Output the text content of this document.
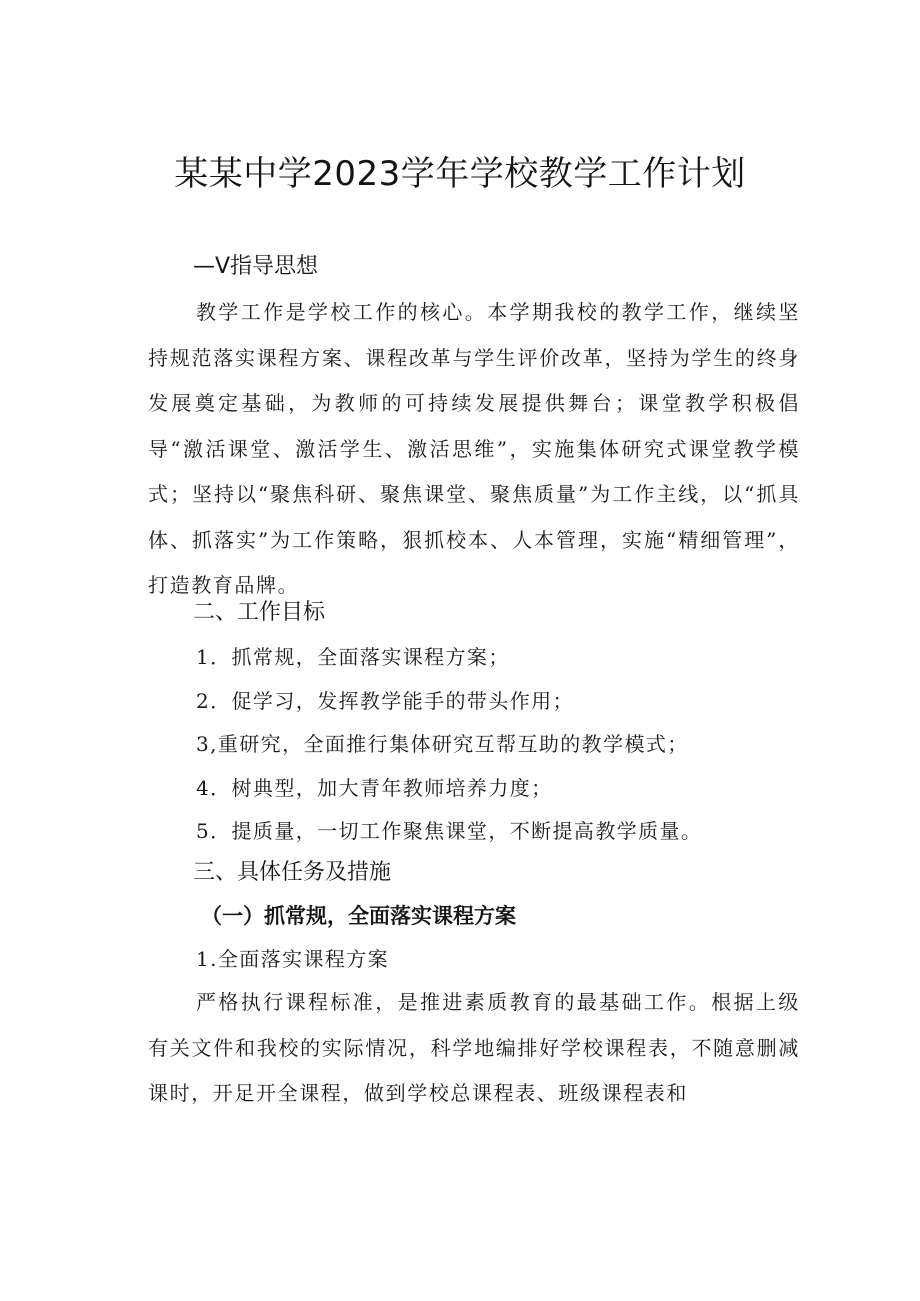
某某中学2023学年学校教学工作计划
—V指导思想

教学工作是学校工作的核心。本学期我校的教学工作，继续坚持规范落实课程方案、课程改革与学生评价改革，坚持为学生的终身发展奠定基础，为教师的可持续发展提供舞台；课堂教学积极倡导“激活课堂、激活学生、激活思维”，实施集体研究式课堂教学模式；坚持以“聚焦科研、聚焦课堂、聚焦质量”为工作主线，以“抓具体、抓落实”为工作策略，狠抓校本、人本管理，实施“精细管理”，打造教育品牌。

二、工作目标

1．抓常规，全面落实课程方案；

2．促学习，发挥教学能手的带头作用；

3,重研究，全面推行集体研究互帮互助的教学模式；

4．树典型，加大青年教师培养力度；

5．提质量，一切工作聚焦课堂，不断提高教学质量。

三、具体任务及措施
（一）抓常规，全面落实课程方案

1.全面落实课程方案

严格执行课程标准，是推进素质教育的最基础工作。根据上级有关文件和我校的实际情况，科学地编排好学校课程表，不随意删减课时，开足开全课程，做到学校总课程表、班级课程表和
